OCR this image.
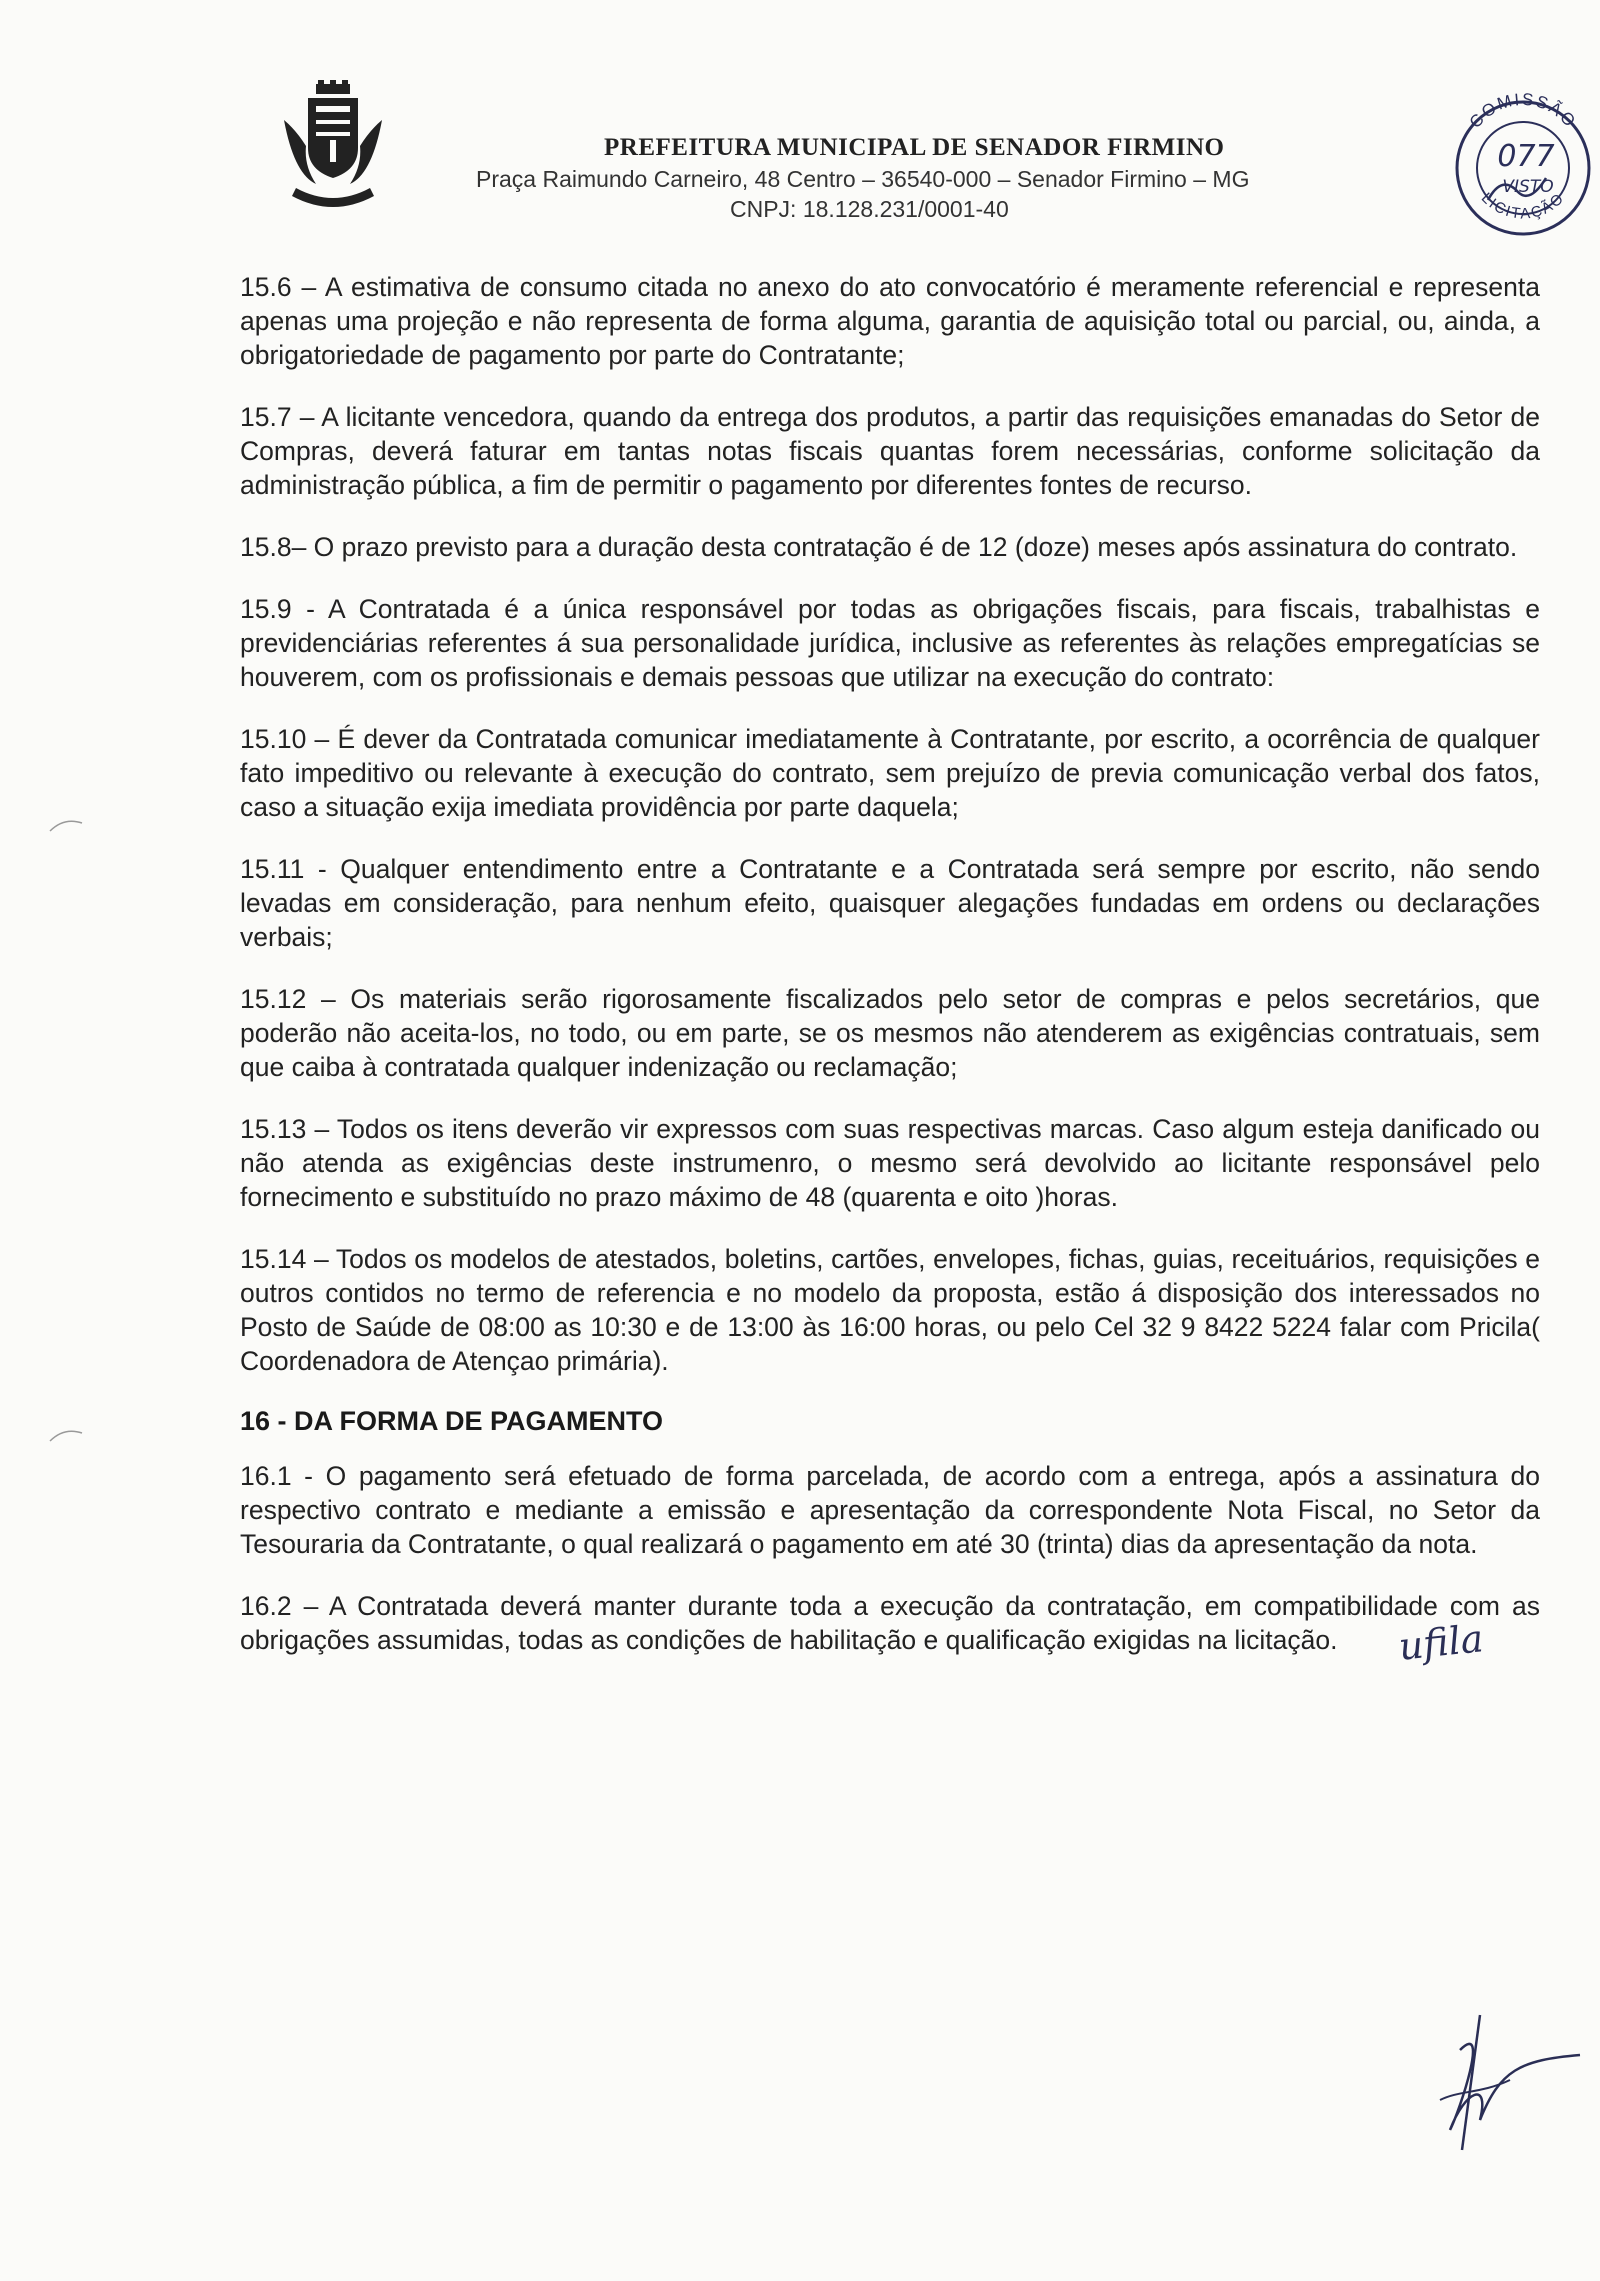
PREFEITURA MUNICIPAL DE SENADOR FIRMINO
Praça Raimundo Carneiro, 48 Centro – 36540-000 – Senador Firmino – MG
CNPJ: 18.128.231/0001-40
COMISSÃO
LICITAÇÃO
077
VISTO

15.6 – A estimativa de consumo citada no anexo do ato convocatório é meramente referencial e representa apenas uma projeção e não representa de forma alguma, garantia de aquisição total ou parcial, ou, ainda, a obrigatoriedade de pagamento por parte do Contratante;

15.7 – A licitante vencedora, quando da entrega dos produtos, a partir das requisições emanadas do Setor de Compras, deverá faturar em tantas notas fiscais quantas forem necessárias, conforme solicitação da administração pública, a fim de permitir o pagamento por diferentes fontes de recurso.

15.8– O prazo previsto para a duração desta contratação é de 12 (doze) meses após assinatura do contrato.

15.9 - A Contratada é a única responsável por todas as obrigações fiscais, para fiscais, trabalhistas e previdenciárias referentes á sua personalidade jurídica, inclusive as referentes às relações empregatícias se houverem, com os profissionais e demais pessoas que utilizar na execução do contrato:

15.10 – É dever da Contratada comunicar imediatamente à Contratante, por escrito, a ocorrência de qualquer fato impeditivo ou relevante à execução do contrato, sem prejuízo de previa comunicação verbal dos fatos, caso a situação exija imediata providência por parte daquela;

15.11 - Qualquer entendimento entre a Contratante e a Contratada será sempre por escrito, não sendo levadas em consideração, para nenhum efeito, quaisquer alegações fundadas em ordens ou declarações verbais;

15.12 – Os materiais serão rigorosamente fiscalizados pelo setor de compras e pelos secretários, que poderão não aceita-los, no todo, ou em parte, se os mesmos não atenderem as exigências contratuais, sem que caiba à contratada qualquer indenização ou reclamação;

15.13 – Todos os itens deverão vir expressos com suas respectivas marcas. Caso algum esteja danificado ou não atenda as exigências deste instrumenro, o mesmo será devolvido ao licitante responsável pelo fornecimento e substituído no prazo máximo de 48 (quarenta e oito )horas.

15.14 – Todos os modelos de atestados, boletins, cartões, envelopes, fichas, guias, receituários, requisições e outros contidos no termo de referencia e no modelo da proposta, estão á disposição dos interessados no Posto de Saúde de 08:00 as 10:30 e de 13:00 às 16:00 horas, ou pelo Cel 32 9 8422 5224 falar com Pricila( Coordenadora de Atençao primária).

16 - DA FORMA DE PAGAMENTO

16.1 - O pagamento será efetuado de forma parcelada, de acordo com a entrega, após a assinatura do respectivo contrato e mediante a emissão e apresentação da correspondente Nota Fiscal, no Setor da Tesouraria da Contratante, o qual realizará o pagamento em até 30 (trinta) dias da apresentação da nota.

16.2 – A Contratada deverá manter durante toda a execução da contratação, em compatibilidade com as obrigações assumidas, todas as condições de habilitação e qualificação exigidas na licitação.	ufila
